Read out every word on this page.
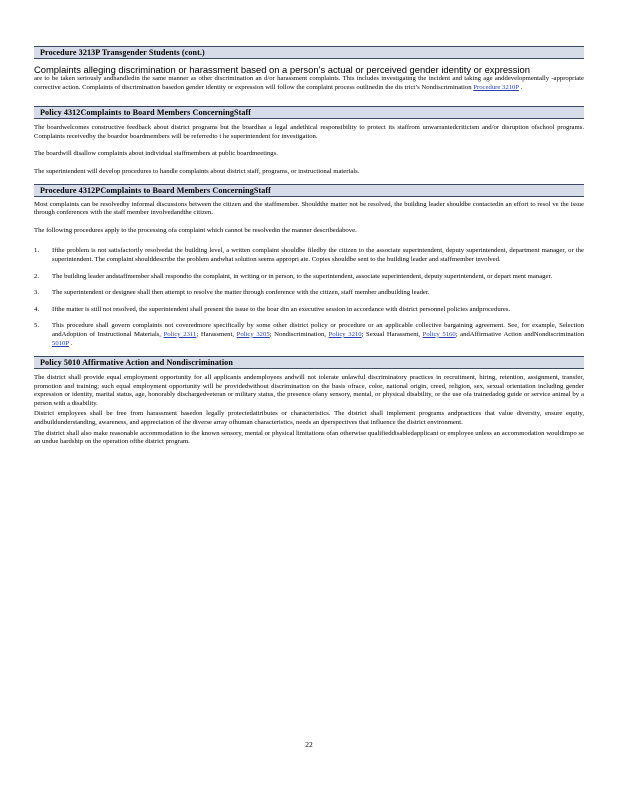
Procedure 3213P Transgender Students (cont.)
Complaints alleging discrimination or harassment based on a person’s actual or perceived gender identity or expression

are to be taken seriously andhandledin the same manner as other discrimination an d/or harassment complaints. This includes investigating the incident and taking age anddevelopmentally -appropriate corrective action. Complaints of discrimination basedon gender identity or expression will follow the complaint process outlinedin the dis trict’s Nondiscrimination Procedure 3210P .

Policy 4312Complaints to Board Members ConcerningStaff

The boardwelcomes constructive feedback about district programs but the boardhas a legal andethical responsibility to protect its staffrom unwarrantedcriticism and/or disruption ofschool programs. Complaints receivedby the boardor boardmembers will be referredto t he superintendent for investigation.

The boardwill disallow complaints about individual staffmembers at public boardmeetings.

The superintendent will develop procedures to handle complaints about district staff, programs, or instructional materials.

Procedure 4312PComplaints to Board Members ConcerningStaff

Most complaints can be resolvedby informal discussions between the citizen and the staffmember. Shouldthe matter not be resolved, the building leader shouldbe contactedin an effort to resol ve the issue through conferences with the staff member involvedandthe citizen.

The following procedures apply to the processing ofa complaint which cannot be resolvedin the manner describedabove.

1.	Ifthe problem is not satisfactorily resolvedat the building level, a written complaint shouldbe filedby the citizen to the associate superintendent, deputy superintendent, department manager, or the superintendent. The complaint shoulddescribe the problem andwhat solution seems appropri ate. Copies shouldbe sent to the building leader and staffmember involved.
2.	The building leader andstaffmember shall respondto the complaint, in writing or in person, to the superintendent, associate superintendent, deputy superintendent, or depart ment manager.
3.	The superintendent or designee shall then attempt to resolve the matter through conference with the citizen, staff member andbuilding leader.
4.	Ifthe matter is still not resolved, the superintendent shall present the issue to the boar din an executive session in accordance with district personnel policies andprocedures.
5.	This procedure shall govern complaints not coveredmore specifically by some other district policy or procedure or an applicable collective bargaining agreement. See, for example, Selection andAdoption of Instructional Materials, Policy 2311; Harassment, Policy 3205; Nondiscrimination, Policy 3210; Sexual Harassment, Policy 5160; andAffirmative Action andNondiscrimination 5010P .
Policy 5010 Affirmative Action and Nondiscrimination

The district shall provide equal employment opportunity for all applicants andemployees andwill not tolerate unlawful discriminatory practices in recruitment, hiring, retention, assignment, transfer, promotion and training; such equal employment opportunity will be providedwithout discrimination on the basis ofrace, color, national origin, creed, religion, sex, sexual orientation including gender expression or identity, marital status, age, honorably dischargedveteran or military status, the presence ofany sensory, mental, or physical disability, or the use ofa trainedadog guide or service animal by a person with a disability.

District employees shall be free from harassment basedon legally protectedattributes or characteristics. The district shall implement programs andpractices that value diversity, ensure equity, andbuildunderstanding, awareness, and appreciation of the diverse array ofhuman characteristics, needs an dperspectives that influence the district environment.

The district shall also make reasonable accommodation to the known sensory, mental or physical limitations ofan otherwise qualifieddisabledapplicant or employee unless an accommodation wouldimpo se an undue hardship on the operation ofthe district program.

22
